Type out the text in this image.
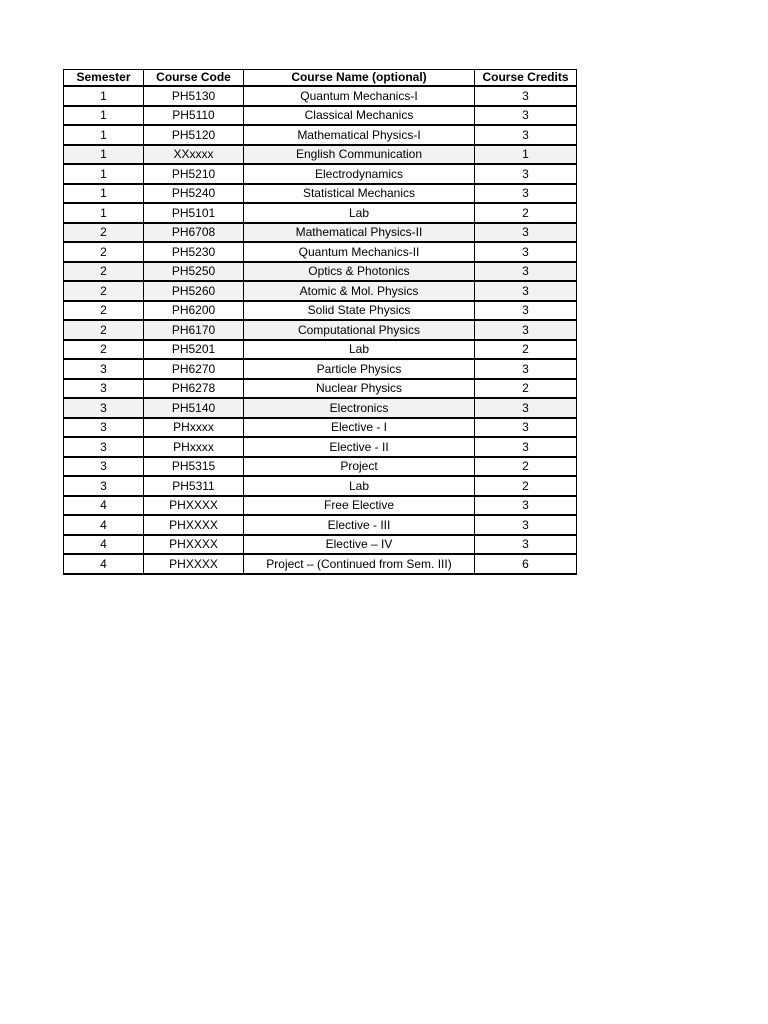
Semester	Course Code	Course Name (optional)	Course Credits
1	PH5130	Quantum Mechanics-I	3
1	PH5110	Classical Mechanics	3
1	PH5120	Mathematical Physics-I	3
1	XXxxxx	English Communication	1
1	PH5210	Electrodynamics	3
1	PH5240	Statistical Mechanics	3
1	PH5101	Lab	2
2	PH6708	Mathematical Physics-II	3
2	PH5230	Quantum Mechanics-II	3
2	PH5250	Optics & Photonics	3
2	PH5260	Atomic & Mol. Physics	3
2	PH6200	Solid State Physics	3
2	PH6170	Computational Physics	3
2	PH5201	Lab	2
3	PH6270	Particle Physics	3
3	PH6278	Nuclear Physics	2
3	PH5140	Electronics	3
3	PHxxxx	Elective - I	3
3	PHxxxx	Elective - II	3
3	PH5315	Project	2
3	PH5311	Lab	2
4	PHXXXX	Free Elective	3
4	PHXXXX	Elective - III	3
4	PHXXXX	Elective – IV	3
4	PHXXXX	Project – (Continued from Sem. III)	6
